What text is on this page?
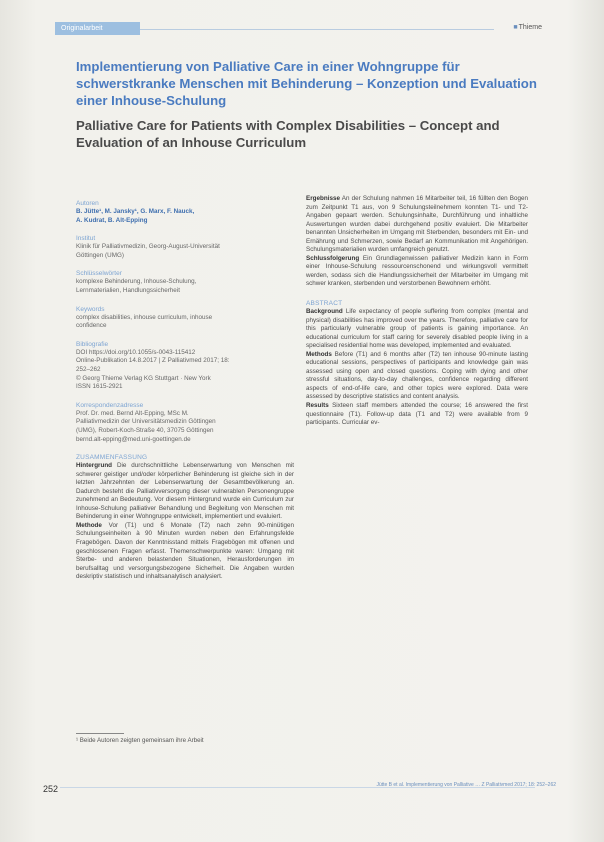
Originalarbeit	■Thieme
Implementierung von Palliative Care in einer Wohngruppe für schwerstkranke Menschen mit Behinderung – Konzeption und Evaluation einer Inhouse-Schulung
Palliative Care for Patients with Complex Disabilities – Concept and Evaluation of an Inhouse Curriculum
Autoren
B. Jütte¹, M. Jansky¹, G. Marx, F. Nauck,
A. Kudrat, B. Alt-Epping
Institut
Klinik für Palliativmedizin, Georg-August-Universität
Göttingen (UMG)
Schlüsselwörter
komplexe Behinderung, Inhouse-Schulung,
Lernmaterialien, Handlungssicherheit
Keywords
complex disabilities, inhouse curriculum, inhouse
confidence
Bibliografie
DOI https://doi.org/10.1055/s-0043-115412
Online-Publikation 14.8.2017 | Z Palliativmed 2017; 18:
252–262
© Georg Thieme Verlag KG Stuttgart · New York
ISSN 1615-2921
Korrespondenzadresse
Prof. Dr. med. Bernd Alt-Epping, MSc M.
Palliativmedizin der Universitätsmedizin Göttingen
(UMG), Robert-Koch-Straße 40, 37075 Göttingen
bernd.alt-epping@med.uni-goettingen.de
ZUSAMMENFASSUNG

Hintergrund Die durchschnittliche Lebenserwartung von Menschen mit schwerer geistiger und/oder körperlicher Behinderung ist gleiche sich in der letzten Jahrzehnten der Lebenserwartung der Gesamtbevölkerung an. Dadurch besteht die Palliativversorgung dieser vulnerablen Personengruppe zunehmend an Bedeutung. Vor diesem Hintergrund wurde ein Curriculum zur Inhouse-Schulung palliativer Behandlung und Begleitung von Menschen mit Behinderung in einer Wohngruppe entwickelt, implementiert und evaluiert.

Methode Vor (T1) und 6 Monate (T2) nach zehn 90-minütigen Schulungseinheiten à 90 Minuten wurden neben den Erfahrungsfelde Fragebögen. Davon der Kenntnisstand mittels Fragebögen mit offenen und geschlossenen Fragen erfasst. Themenschwerpunkte waren: Umgang mit Sterbe- und anderen belastenden Situationen, Herausforderungen im berufsalltag und versorgungsbezogene Sicherheit. Die Angaben wurden deskriptiv statistisch und inhaltsanalytisch analysiert.

Ergebnisse An der Schulung nahmen 16 Mitarbeiter teil, 16 füllten den Bogen zum Zeitpunkt T1 aus, von 9 Schulungsteilnehmern konnten T1- und T2-Angaben gepaart werden. Schulungsinhalte, Durchführung und inhaltliche Auswertungen wurden dabei durchgehend positiv evaluiert. Die Mitarbeiter benannten Unsicherheiten im Umgang mit Sterbenden, besonders mit Ein- und Ernährung und Schmerzen, sowie Bedarf an Kommunikation mit Angehörigen. Schulungsmaterialien wurden umfangreich genutzt.

Schlussfolgerung Ein Grundlagenwissen palliativer Medizin kann in Form einer Inhouse-Schulung ressourcenschonend und wirkungsvoll vermittelt werden, sodass sich die Handlungssicherheit der Mitarbeiter im Umgang mit schwer kranken, sterbenden und verstorbenen Bewohnern erhöht.

ABSTRACT

Background Life expectancy of people suffering from complex (mental and physical) disabilities has improved over the years. Therefore, palliative care for this particularly vulnerable group of patients is gaining importance. An educational curriculum for staff caring for severely disabled people living in a specialised residential home was developed, implemented and evaluated.

Methods Before (T1) and 6 months after (T2) ten inhouse 90-minute lasting educational sessions, perspectives of participants and knowledge gain was assessed using open and closed questions. Coping with dying and other stressful situations, day-to-day challenges, confidence regarding different aspects of end-of-life care, and other topics were explored. Data were assessed by descriptive statistics and content analysis.

Results Sixteen staff members attended the course; 16 answered the first questionnaire (T1). Follow-up data (T1 and T2) were available from 9 participants. Curricular ev-

¹ Beide Autoren zeigten gemeinsam ihre Arbeit
252	Jütte B et al. Implementierung von Palliative … Z Palliativmed 2017; 18: 252–262
